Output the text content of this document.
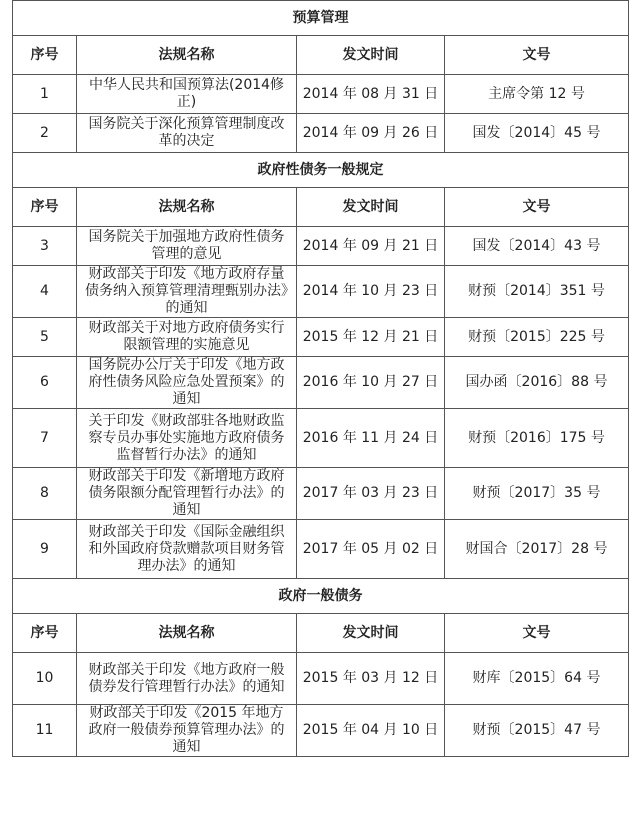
预算管理			
序号	法规名称	发文时间	文号
1	中华人民共和国预算法(2014修正)	2014 年 08 月 31 日	主席令第 12 号
2	国务院关于深化预算管理制度改革的决定	2014 年 09 月 26 日	国发〔2014〕45 号
政府性债务一般规定			
序号	法规名称	发文时间	文号
3	国务院关于加强地方政府性债务管理的意见	2014 年 09 月 21 日	国发〔2014〕43 号
4	财政部关于印发《地方政府存量债务纳入预算管理清理甄别办法》的通知	2014 年 10 月 23 日	财预〔2014〕351 号
5	财政部关于对地方政府债务实行限额管理的实施意见	2015 年 12 月 21 日	财预〔2015〕225 号
6	国务院办公厅关于印发《地方政府性债务风险应急处置预案》的通知	2016 年 10 月 27 日	国办函〔2016〕88 号
7	关于印发《财政部驻各地财政监察专员办事处实施地方政府债务监督暂行办法》的通知	2016 年 11 月 24 日	财预〔2016〕175 号
8	财政部关于印发《新增地方政府债务限额分配管理暂行办法》的通知	2017 年 03 月 23 日	财预〔2017〕35 号
9	财政部关于印发《国际金融组织和外国政府贷款赠款项目财务管理办法》的通知	2017 年 05 月 02 日	财国合〔2017〕28 号
政府一般债务			
序号	法规名称	发文时间	文号
10	财政部关于印发《地方政府一般债券发行管理暂行办法》的通知	2015 年 03 月 12 日	财库〔2015〕64 号
11	财政部关于印发《2015 年地方政府一般债券预算管理办法》的通知	2015 年 04 月 10 日	财预〔2015〕47 号
